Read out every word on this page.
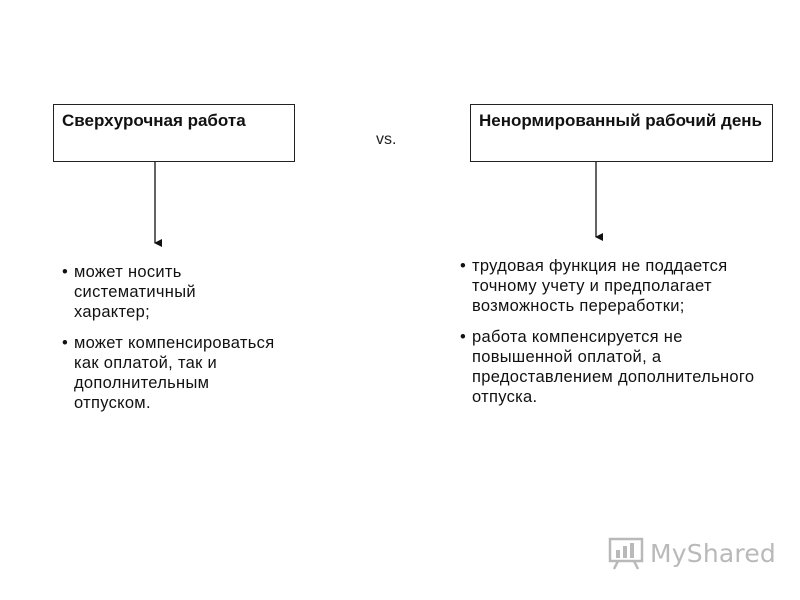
Сверхурочная работа
vs.
Ненормированный рабочий день
• может носить систематичный характер;
• может компенсироваться как оплатой, так и дополнительным отпуском.
• трудовая функция не поддается точному учету и предполагает возможность переработки;
• работа компенсируется не повышенной оплатой, а предоставлением дополнительного отпуска.
MyShared
